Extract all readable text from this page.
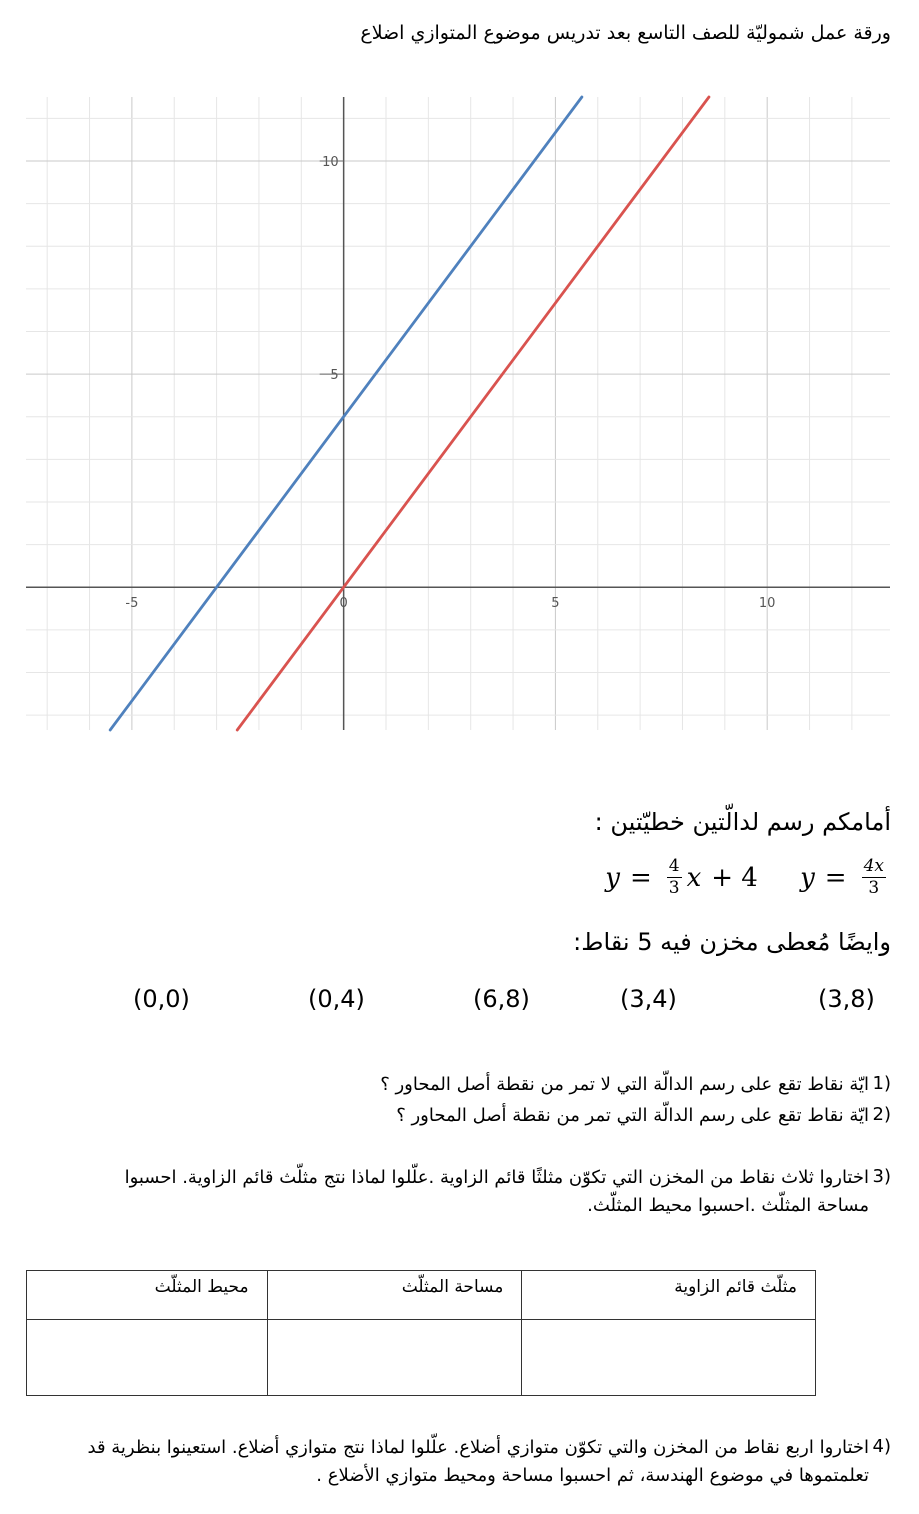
ورقة عمل شموليّة للصف التاسع بعد تدريس موضوع المتوازي اضلاع
-5	0	5	10
5
10
أمامكم رسم لدالّتين خطيّتين :
$y = \frac{4}{3}$ x + 4
$y = \frac{4x}{3}$
وايضًا مُعطى مخزن فيه 5 نقاط:
(3,8)
(3,4)
(6,8)
(0,4)
(0,0)
1)
ايّة نقاط تقع على رسم الدالّة التي لا تمر من نقطة أصل المحاور ؟
2)
ايّة نقاط تقع على رسم الدالّة التي تمر من نقطة أصل المحاور ؟
3)
اختاروا ثلاث نقاط من المخزن التي تكوّن مثلثًا قائم الزاوية .علّلوا لماذا نتج مثلّث قائم الزاوية. احسبوا مساحة المثلّث .احسبوا محيط المثلّث.
مثلّث قائم الزاوية	مساحة المثلّث	محيط المثلّث

4)
اختاروا اربع نقاط من المخزن والتي تكوّن متوازي أضلاع. علّلوا لماذا نتج متوازي أضلاع. استعينوا بنظرية قد تعلمتموها في موضوع الهندسة، ثم احسبوا مساحة ومحيط متوازي الأضلاع .
